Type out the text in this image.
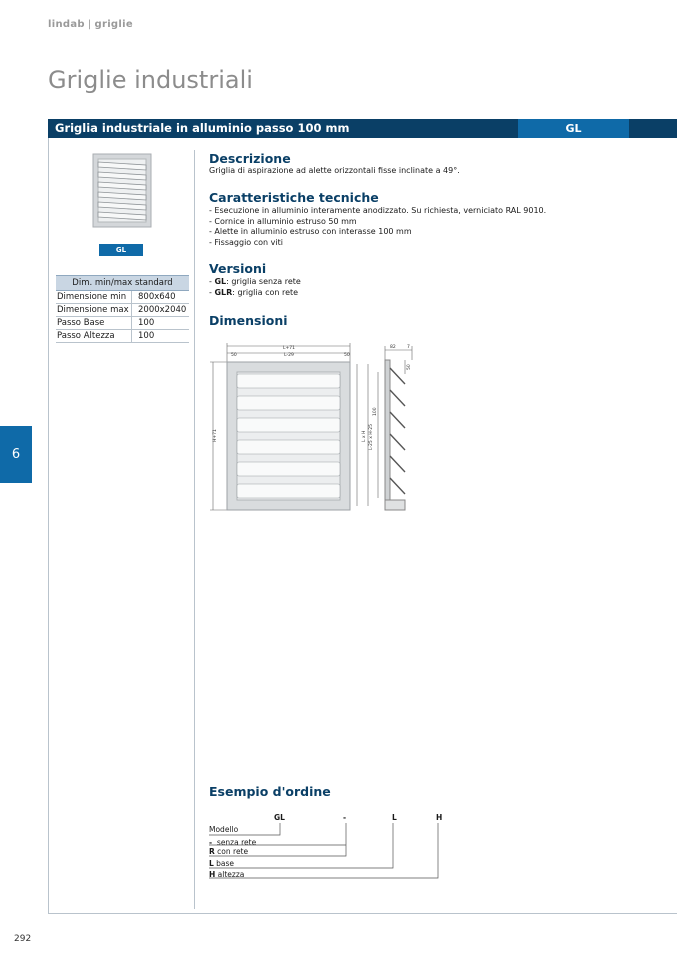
lindab | griglie
Griglie industriali
Griglia industriale in alluminio passo 100 mm	GL
GL
Dim. min/max standard	
Dimensione min	800x640
Dimensione max	2000x2040
Passo Base	100
Passo Altezza	100
Descrizione
Griglia di aspirazione ad alette orizzontali fisse inclinate a 49°.
Caratteristiche tecniche
- Esecuzione in alluminio interamente anodizzato. Su richiesta, verniciato RAL 9010.
- Cornice in alluminio estruso 50 mm
- Alette in alluminio estruso con interasse 100 mm
- Fissaggio con viti
Versioni
- GL: griglia senza rete
- GLR: griglia con rete
Dimensioni
L+71
L-29
50	50
H+71
82	7
50
100
L x H L-25 x H-25
Esempio d'ordine
GL	-	L	H
Modello
- senza rete
R con rete
L base
H altezza
6
292
